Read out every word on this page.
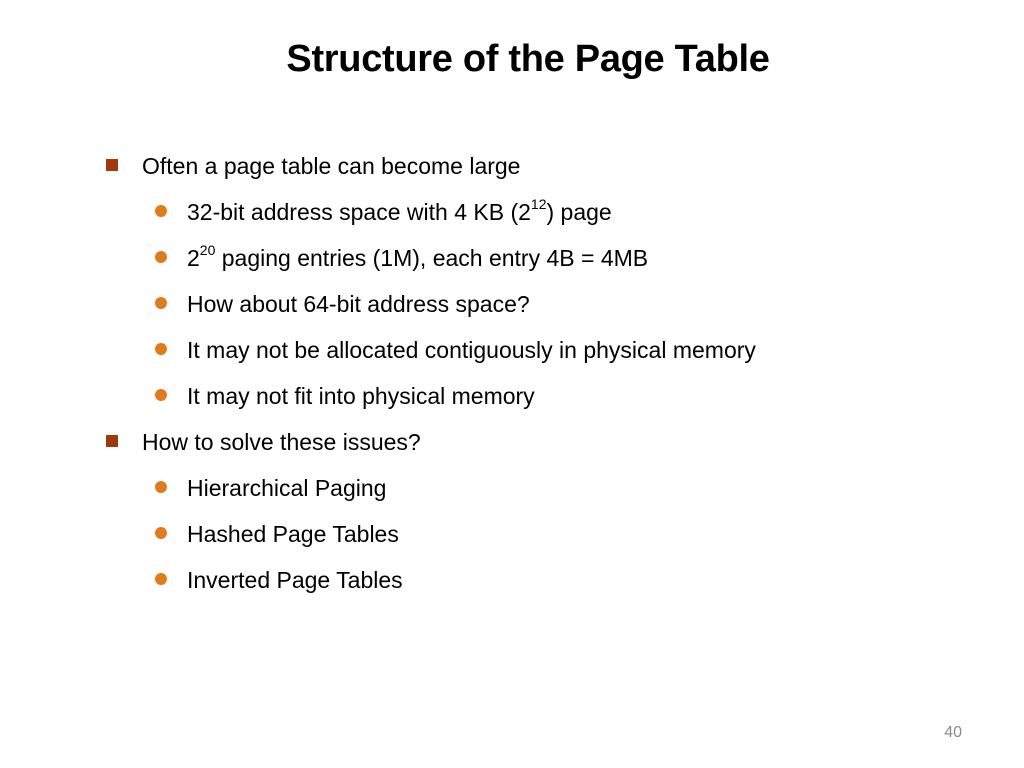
Structure of the Page Table
Often a page table can become large
32-bit address space with 4 KB $(2^{12})$ page
$2^{20}$ paging entries (1M), each entry 4B = 4MB
How about 64-bit address space?
It may not be allocated contiguously in physical memory
It may not fit into physical memory
How to solve these issues?
Hierarchical Paging
Hashed Page Tables
Inverted Page Tables
40
